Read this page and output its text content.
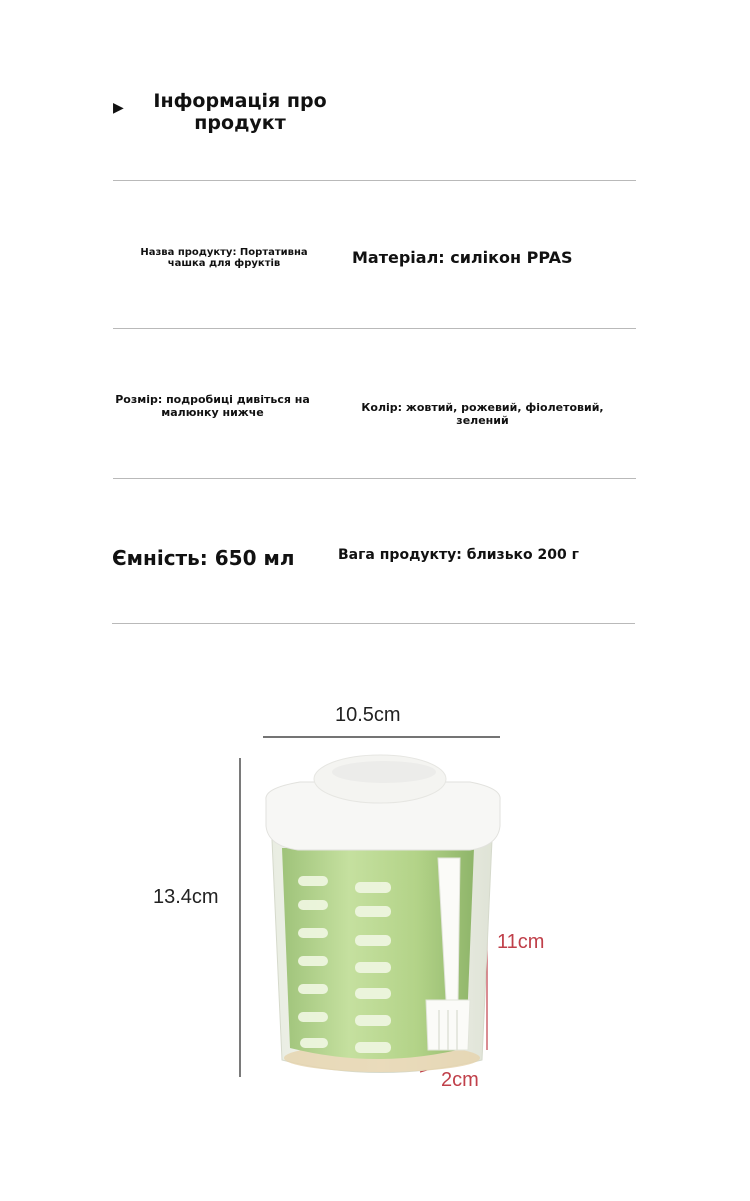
▶	Інформація про продукт
Назва продукту: Портативна чашка для фруктів	Матеріал: силікон PPAS
Розмір: подробиці дивіться на малюнку нижче	Колір: жовтий, рожевий, фіолетовий, зелений
Ємність: 650 мл	Вага продукту: близько 200 г
10.5cm
13.4cm
11cm
2cm
